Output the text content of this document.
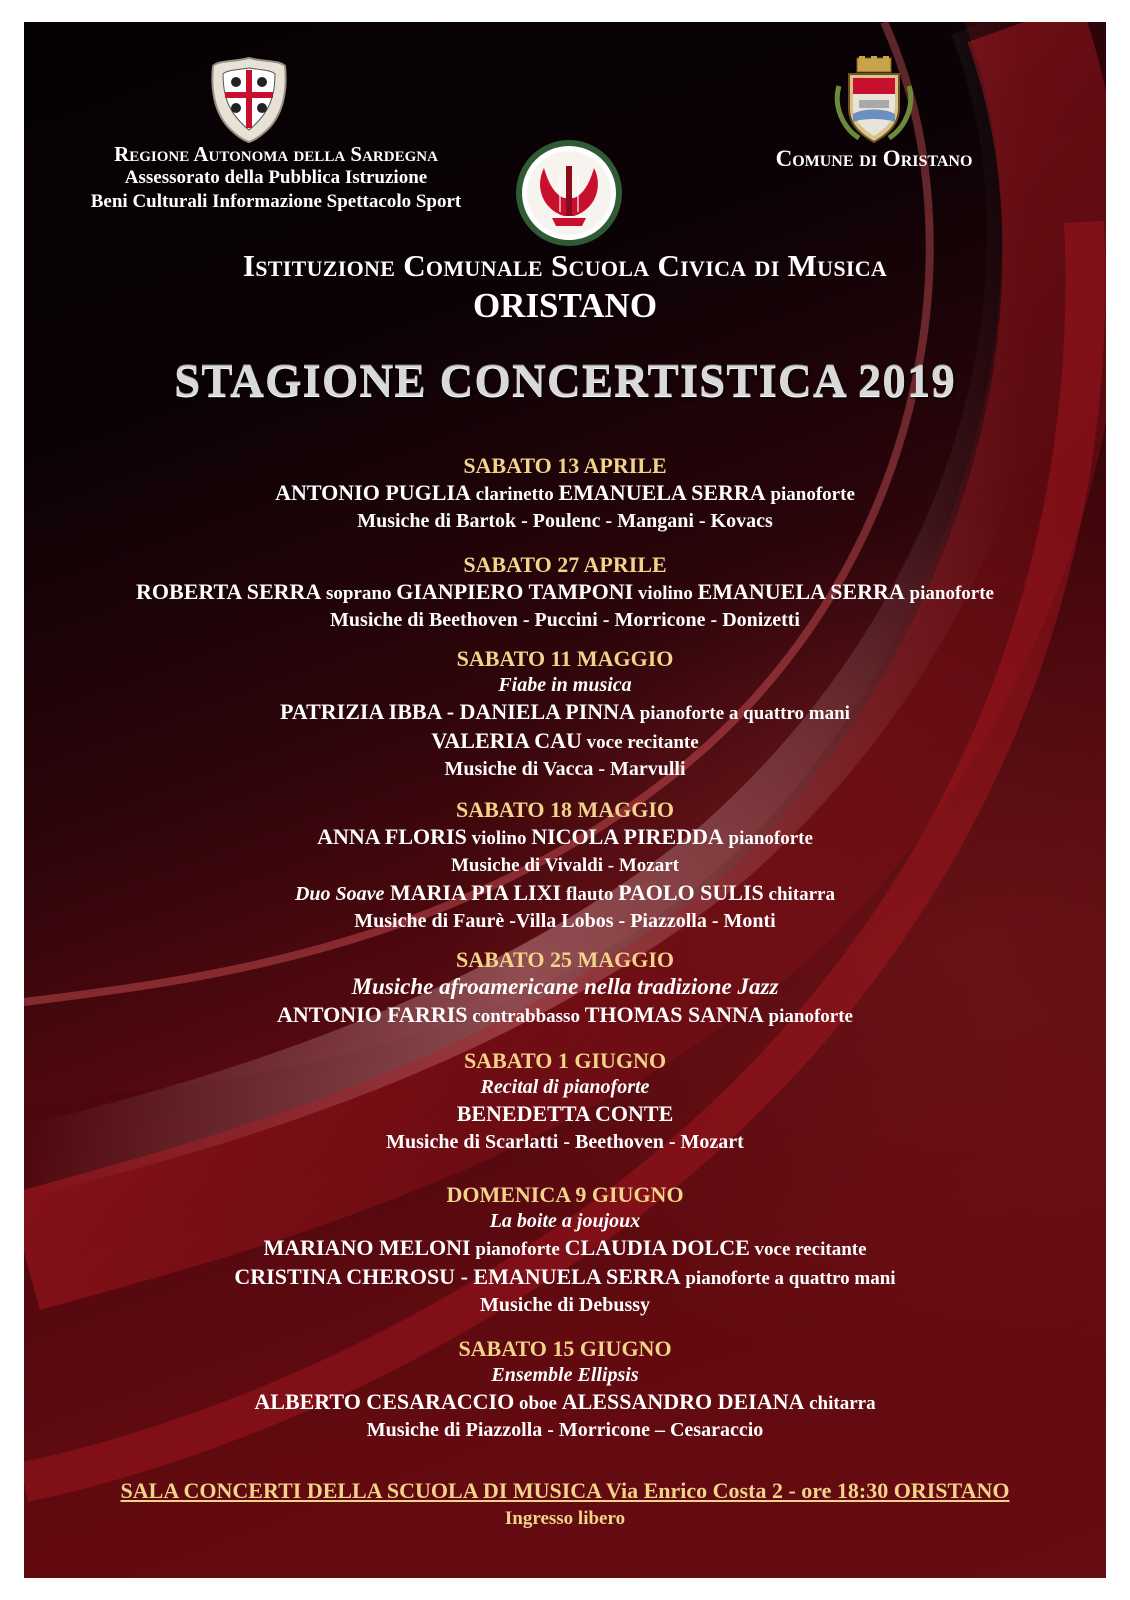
Regione Autonoma della Sardegna
Assessorato della Pubblica Istruzione
Beni Culturali Informazione Spettacolo Sport
Comune di Oristano
Istituzione Comunale Scuola Civica di Musica
ORISTANO
STAGIONE CONCERTISTICA 2019
SABATO 13 APRILE
ANTONIO PUGLIA clarinetto EMANUELA SERRA pianoforte
Musiche di Bartok - Poulenc - Mangani - Kovacs
SABATO 27 APRILE
ROBERTA SERRA soprano GIANPIERO TAMPONI violino EMANUELA SERRA pianoforte
Musiche di Beethoven - Puccini - Morricone - Donizetti
SABATO 11 MAGGIO
Fiabe in musica
PATRIZIA IBBA - DANIELA PINNA pianoforte a quattro mani
VALERIA CAU voce recitante
Musiche di Vacca - Marvulli
SABATO 18 MAGGIO
ANNA FLORIS violino NICOLA PIREDDA pianoforte
Musiche di Vivaldi - Mozart
Duo Soave MARIA PIA LIXI flauto PAOLO SULIS chitarra
Musiche di Faurè -Villa Lobos - Piazzolla - Monti
SABATO 25 MAGGIO
Musiche afroamericane nella tradizione Jazz
ANTONIO FARRIS contrabbasso THOMAS SANNA pianoforte
SABATO 1 GIUGNO
Recital di pianoforte
BENEDETTA CONTE
Musiche di Scarlatti - Beethoven - Mozart
DOMENICA 9 GIUGNO
La boite a joujoux
MARIANO MELONI pianoforte CLAUDIA DOLCE voce recitante
CRISTINA CHEROSU - EMANUELA SERRA pianoforte a quattro mani
Musiche di Debussy
SABATO 15 GIUGNO
Ensemble Ellipsis
ALBERTO CESARACCIO oboe ALESSANDRO DEIANA chitarra
Musiche di Piazzolla - Morricone – Cesaraccio
SALA CONCERTI DELLA SCUOLA DI MUSICA Via Enrico Costa 2 - ore 18:30 ORISTANO
Ingresso libero
